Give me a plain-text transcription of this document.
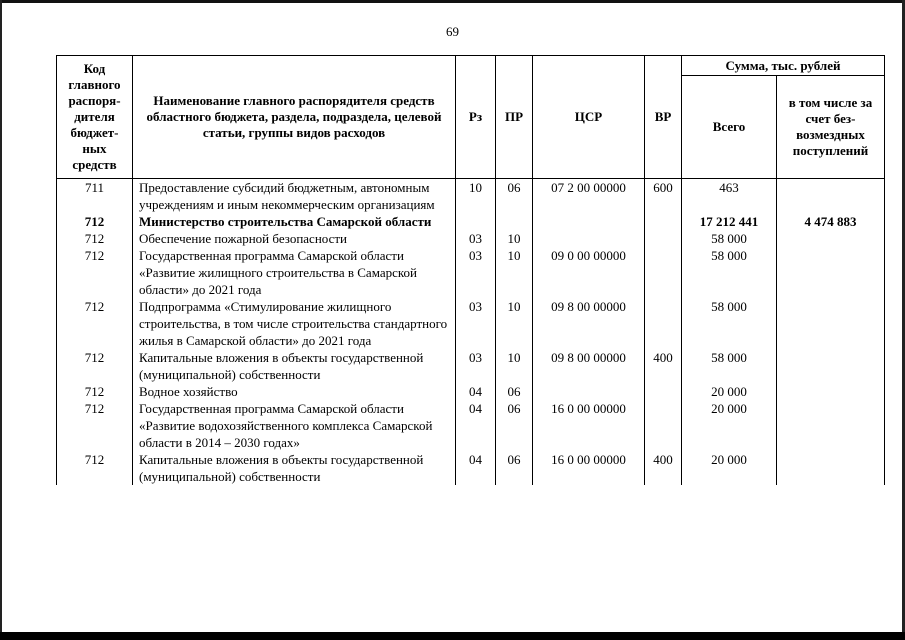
69
Код главного распоря-дителя бюджет-ных средств	Наименование главного распорядителя средств областного бюджета, раздела, подраздела, целевой статьи, группы видов расходов	Рз	ПР	ЦСР	ВР	Сумма, тыс. рублей	
						Всего	в том числе за счет без-возмездных поступлений
711	Предоставление субсидий бюджетным, автономным учреждениям и иным некоммерческим организациям	10	06	07 2 00 00000	600	463	
712	Министерство строительства Самарской области					17 212 441	4 474 883
712	Обеспечение пожарной безопасности	03	10			58 000	
712	Государственная программа Самарской области «Развитие жилищного строительства в Самарской области» до 2021 года	03	10	09 0 00 00000		58 000	
712	Подпрограмма «Стимулирование жилищного строительства, в том числе строительства стандартного жилья в Самарской области» до 2021 года	03	10	09 8 00 00000		58 000	
712	Капитальные вложения в объекты государственной (муниципальной) собственности	03	10	09 8 00 00000	400	58 000	
712	Водное хозяйство	04	06			20 000	
712	Государственная программа Самарской области «Развитие водохозяйственного комплекса Самарской области в 2014 – 2030 годах»	04	06	16 0 00 00000		20 000	
712	Капитальные вложения в объекты государственной (муниципальной) собственности	04	06	16 0 00 00000	400	20 000	
